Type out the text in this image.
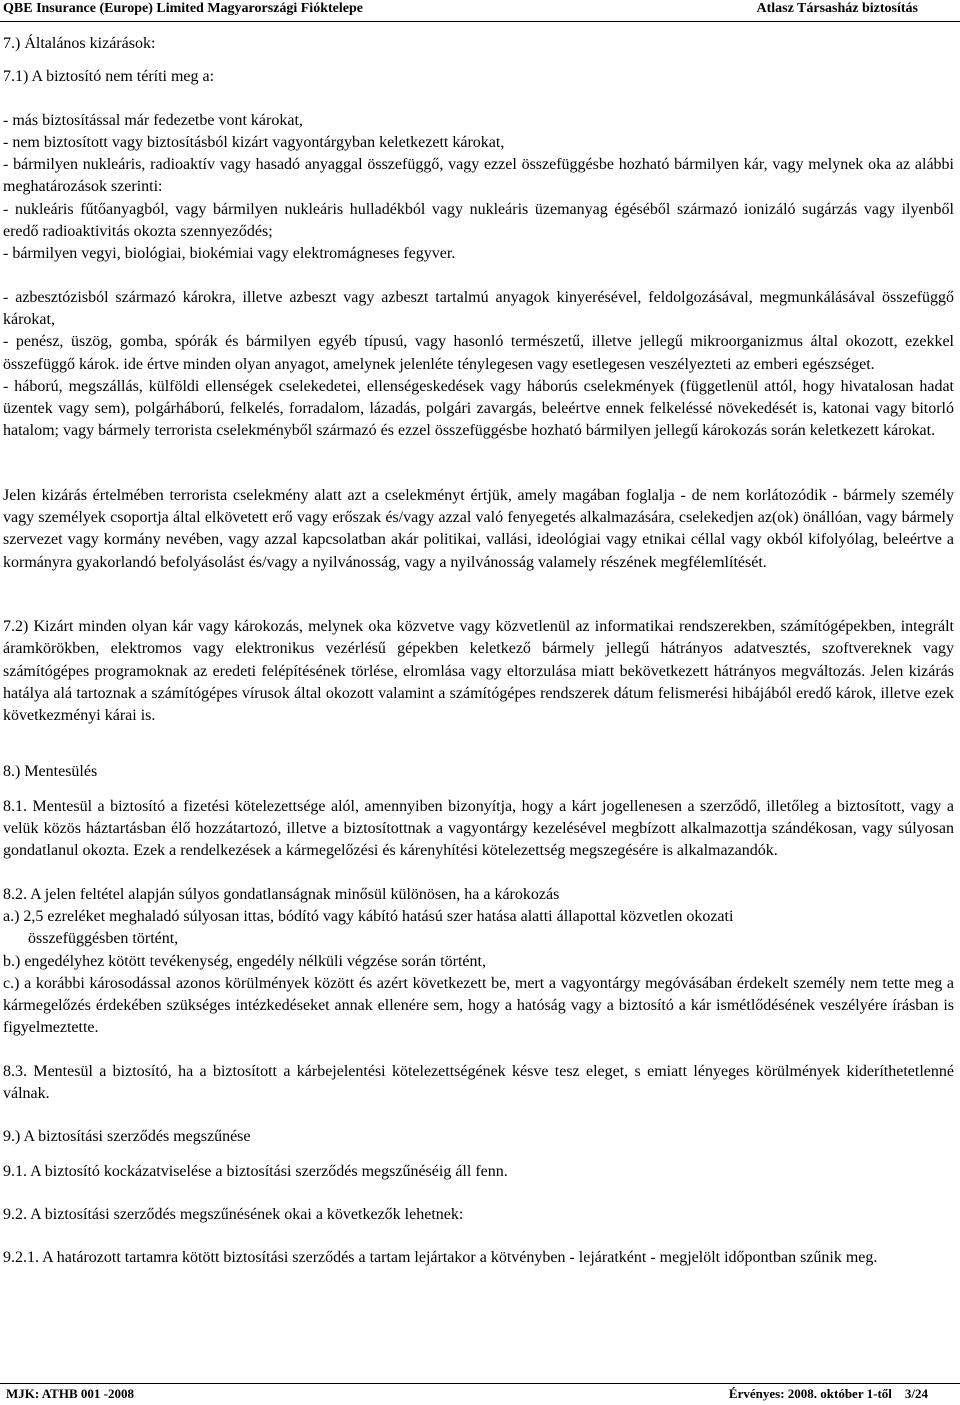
QBE Insurance (Europe) Limited Magyarországi Fióktelepe	Atlasz Társasház biztosítás

7.) Általános kizárások:

7.1) A biztosító nem téríti meg a:

- más biztosítással már fedezetbe vont károkat,

- nem biztosított vagy biztosításból kizárt vagyontárgyban keletkezett károkat,

- bármilyen nukleáris, radioaktív vagy hasadó anyaggal összefüggő, vagy ezzel összefüggésbe hozható bármilyen kár, vagy melynek oka az alábbi meghatározások szerinti:

- nukleáris fűtőanyagból, vagy bármilyen nukleáris hulladékból vagy nukleáris üzemanyag égéséből származó ionizáló sugárzás vagy ilyenből eredő radioaktivitás okozta szennyeződés;

- bármilyen vegyi, biológiai, biokémiai vagy elektromágneses fegyver.

- azbesztózisból származó károkra, illetve azbeszt vagy azbeszt tartalmú anyagok kinyerésével, feldolgozásával, megmunkálásával összefüggő károkat,

- penész, üszög, gomba, spórák és bármilyen egyéb típusú, vagy hasonló természetű, illetve jellegű mikroorganizmus által okozott, ezekkel összefüggő károk. ide értve minden olyan anyagot, amelynek jelenléte ténylegesen vagy esetlegesen veszélyezteti az emberi egészséget.

- háború, megszállás, külföldi ellenségek cselekedetei, ellenségeskedések vagy háborús cselekmények (függetlenül attól, hogy hivatalosan hadat üzentek vagy sem), polgárháború, felkelés, forradalom, lázadás, polgári zavargás, beleértve ennek felkeléssé növekedését is, katonai vagy bitorló hatalom; vagy bármely terrorista cselekményből származó és ezzel összefüggésbe hozható bármilyen jellegű károkozás során keletkezett károkat.

Jelen kizárás értelmében terrorista cselekmény alatt azt a cselekményt értjük, amely magában foglalja - de nem korlátozódik - bármely személy vagy személyek csoportja által elkövetett erő vagy erőszak és/vagy azzal való fenyegetés alkalmazására, cselekedjen az(ok) önállóan, vagy bármely szervezet vagy kormány nevében, vagy azzal kapcsolatban akár politikai, vallási, ideológiai vagy etnikai céllal vagy okból kifolyólag, beleértve a kormányra gyakorlandó befolyásolást és/vagy a nyilvánosság, vagy a nyilvánosság valamely részének megfélemlítését.

7.2) Kizárt minden olyan kár vagy károkozás, melynek oka közvetve vagy közvetlenül az informatikai rendszerekben, számítógépekben, integrált áramkörökben, elektromos vagy elektronikus vezérlésű gépekben keletkező bármely jellegű hátrányos adatvesztés, szoftvereknek vagy számítógépes programoknak az eredeti felépítésének törlése, elromlása vagy eltorzulása miatt bekövetkezett hátrányos megváltozás. Jelen kizárás hatálya alá tartoznak a számítógépes vírusok által okozott valamint a számítógépes rendszerek dátum felismerési hibájából eredő károk, illetve ezek következményi kárai is.

8.) Mentesülés

8.1. Mentesül a biztosító a fizetési kötelezettsége alól, amennyiben bizonyítja, hogy a kárt jogellenesen a szerződő, illetőleg a biztosított, vagy a velük közös háztartásban élő hozzátartozó, illetve a biztosítottnak a vagyontárgy kezelésével megbízott alkalmazottja szándékosan, vagy súlyosan gondatlanul okozta. Ezek a rendelkezések a kármegelőzési és kárenyhítési kötelezettség megszegésére is alkalmazandók.

8.2. A jelen feltétel alapján súlyos gondatlanságnak minősül különösen, ha a károkozás

a.) 2,5 ezreléket meghaladó súlyosan ittas, bódító vagy kábító hatású szer hatása alatti állapottal közvetlen okozati

összefüggésben történt,

b.) engedélyhez kötött tevékenység, engedély nélküli végzése során történt,

c.) a korábbi károsodással azonos körülmények között és azért következett be, mert a vagyontárgy megóvásában érdekelt személy nem tette meg a kármegelőzés érdekében szükséges intézkedéseket annak ellenére sem, hogy a hatóság vagy a biztosító a kár ismétlődésének veszélyére írásban is figyelmeztette.

8.3. Mentesül a biztosító, ha a biztosított a kárbejelentési kötelezettségének késve tesz eleget, s emiatt lényeges körülmények kideríthetetlenné válnak.

9.) A biztosítási szerződés megszűnése

9.1. A biztosító kockázatviselése a biztosítási szerződés megszűnéséig áll fenn.

9.2. A biztosítási szerződés megszűnésének okai a következők lehetnek:

9.2.1. A határozott tartamra kötött biztosítási szerződés a tartam lejártakor a kötvényben - lejáratként - megjelölt időpontban szűnik meg.

MJK: ATHB 001 -2008	Érvényes: 2008. október 1-től    3/24
